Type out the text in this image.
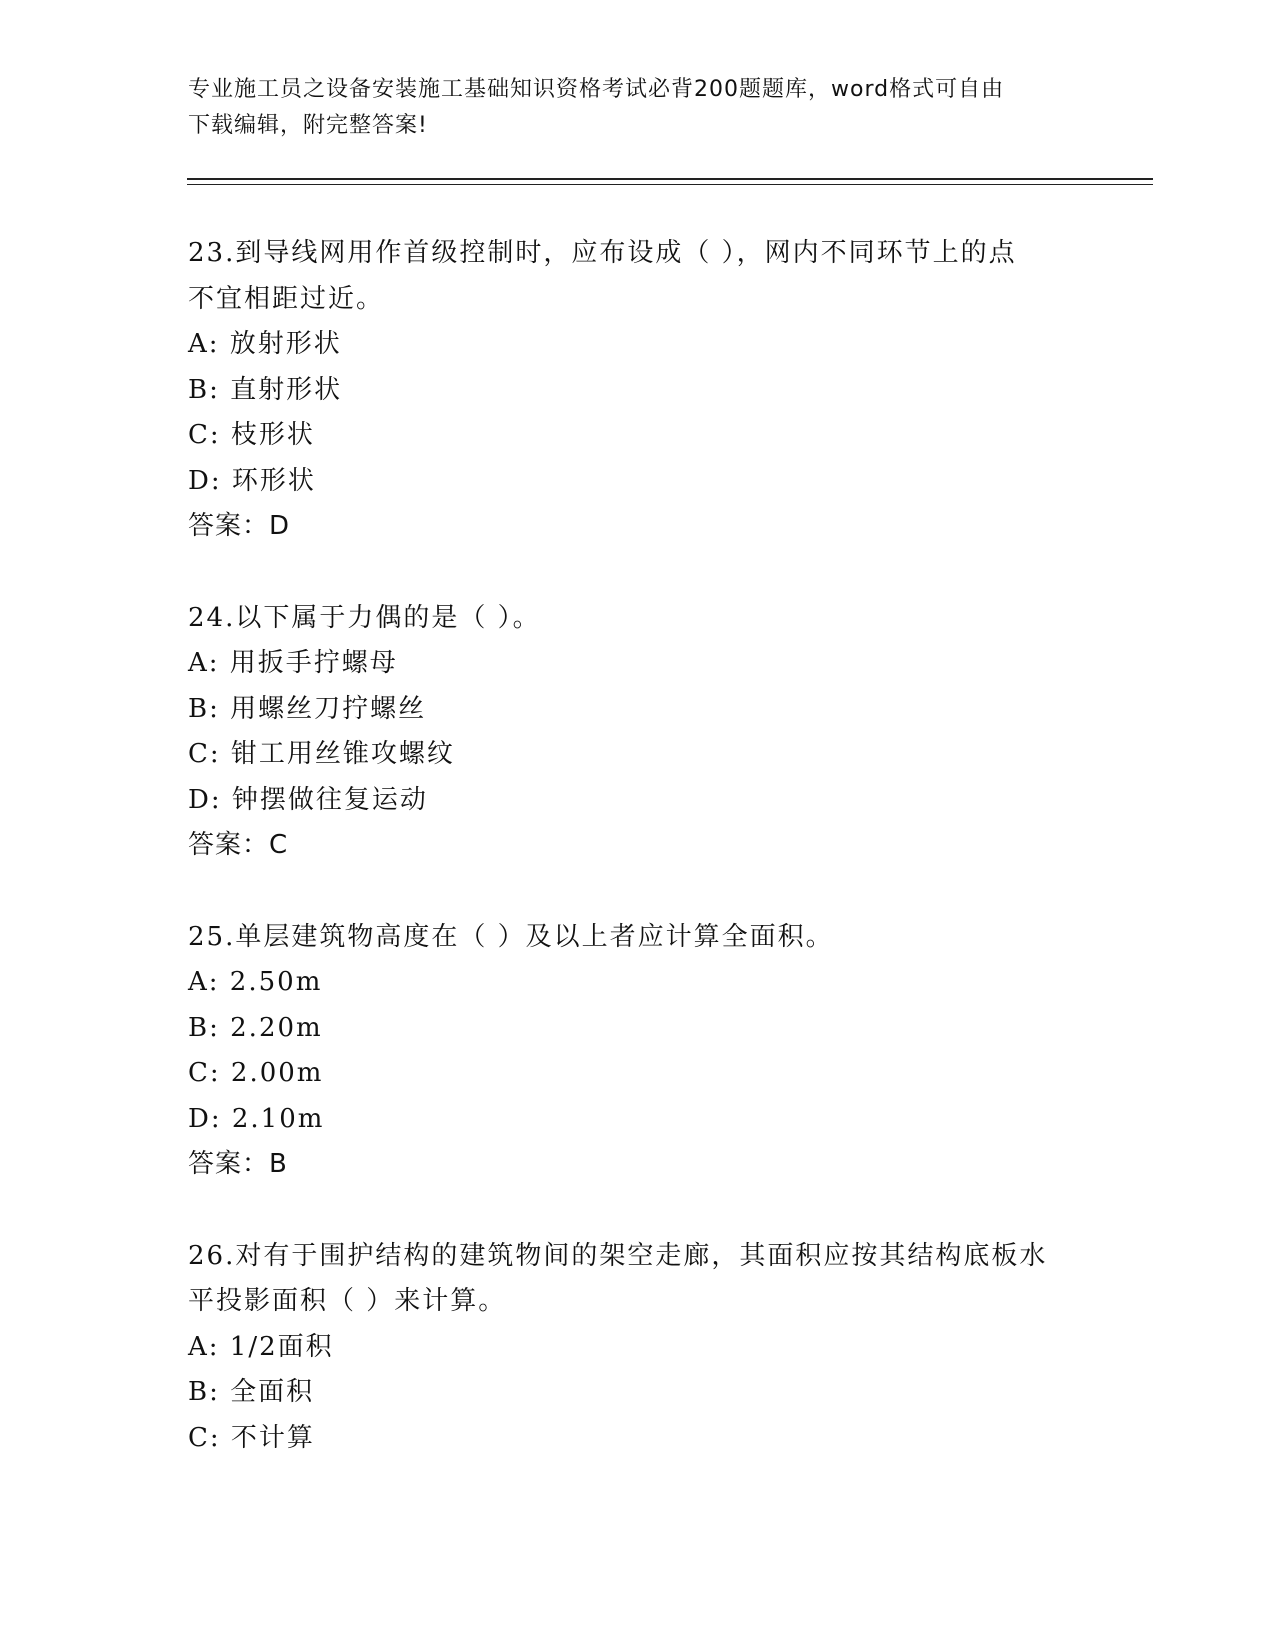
专业施工员之设备安装施工基础知识资格考试必背200题题库，word格式可自由
下载编辑，附完整答案!
23.到导线网用作首级控制时，应布设成（ ），网内不同环节上的点
不宜相距过近。
A: 放射形状
B: 直射形状
C: 枝形状
D: 环形状
答案：D
24.以下属于力偶的是（ ）。
A: 用扳手拧螺母
B: 用螺丝刀拧螺丝
C: 钳工用丝锥攻螺纹
D: 钟摆做往复运动
答案：C
25.单层建筑物高度在（ ）及以上者应计算全面积。
A: 2.50m
B: 2.20m
C: 2.00m
D: 2.10m
答案：B
26.对有于围护结构的建筑物间的架空走廊，其面积应按其结构底板水
平投影面积（ ）来计算。
A: 1/2面积
B: 全面积
C: 不计算
